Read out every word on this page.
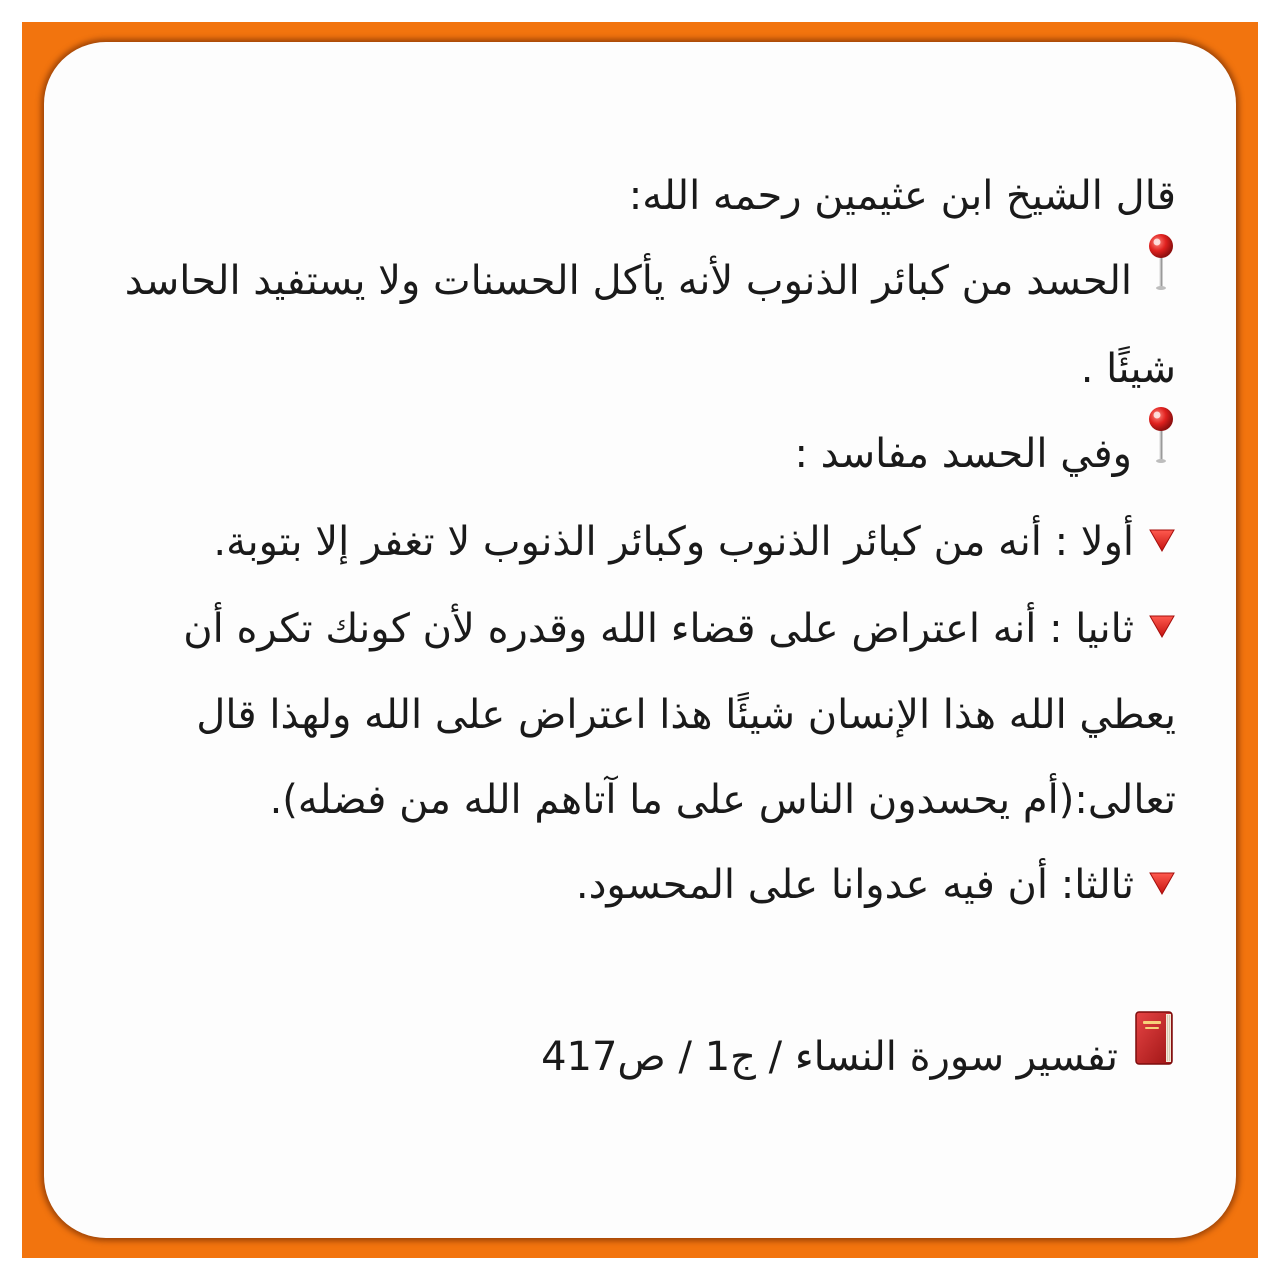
قال الشيخ ابن عثيمين رحمه الله:

الحسد من كبائر الذنوب لأنه يأكل الحسنات ولا يستفيد الحاسد شيئًا .

وفي الحسد مفاسد :

أولا : أنه من كبائر الذنوب وكبائر الذنوب لا تغفر إلا بتوبة.

ثانيا : أنه اعتراض على قضاء الله وقدره لأن كونك تكره أن يعطي الله هذا الإنسان شيئًا هذا اعتراض على الله ولهذا قال تعالى:(أم يحسدون الناس على ما آتاهم الله من فضله).

ثالثا: أن فيه عدوانا على المحسود.

تفسير سورة النساء / ج1 / ص417
